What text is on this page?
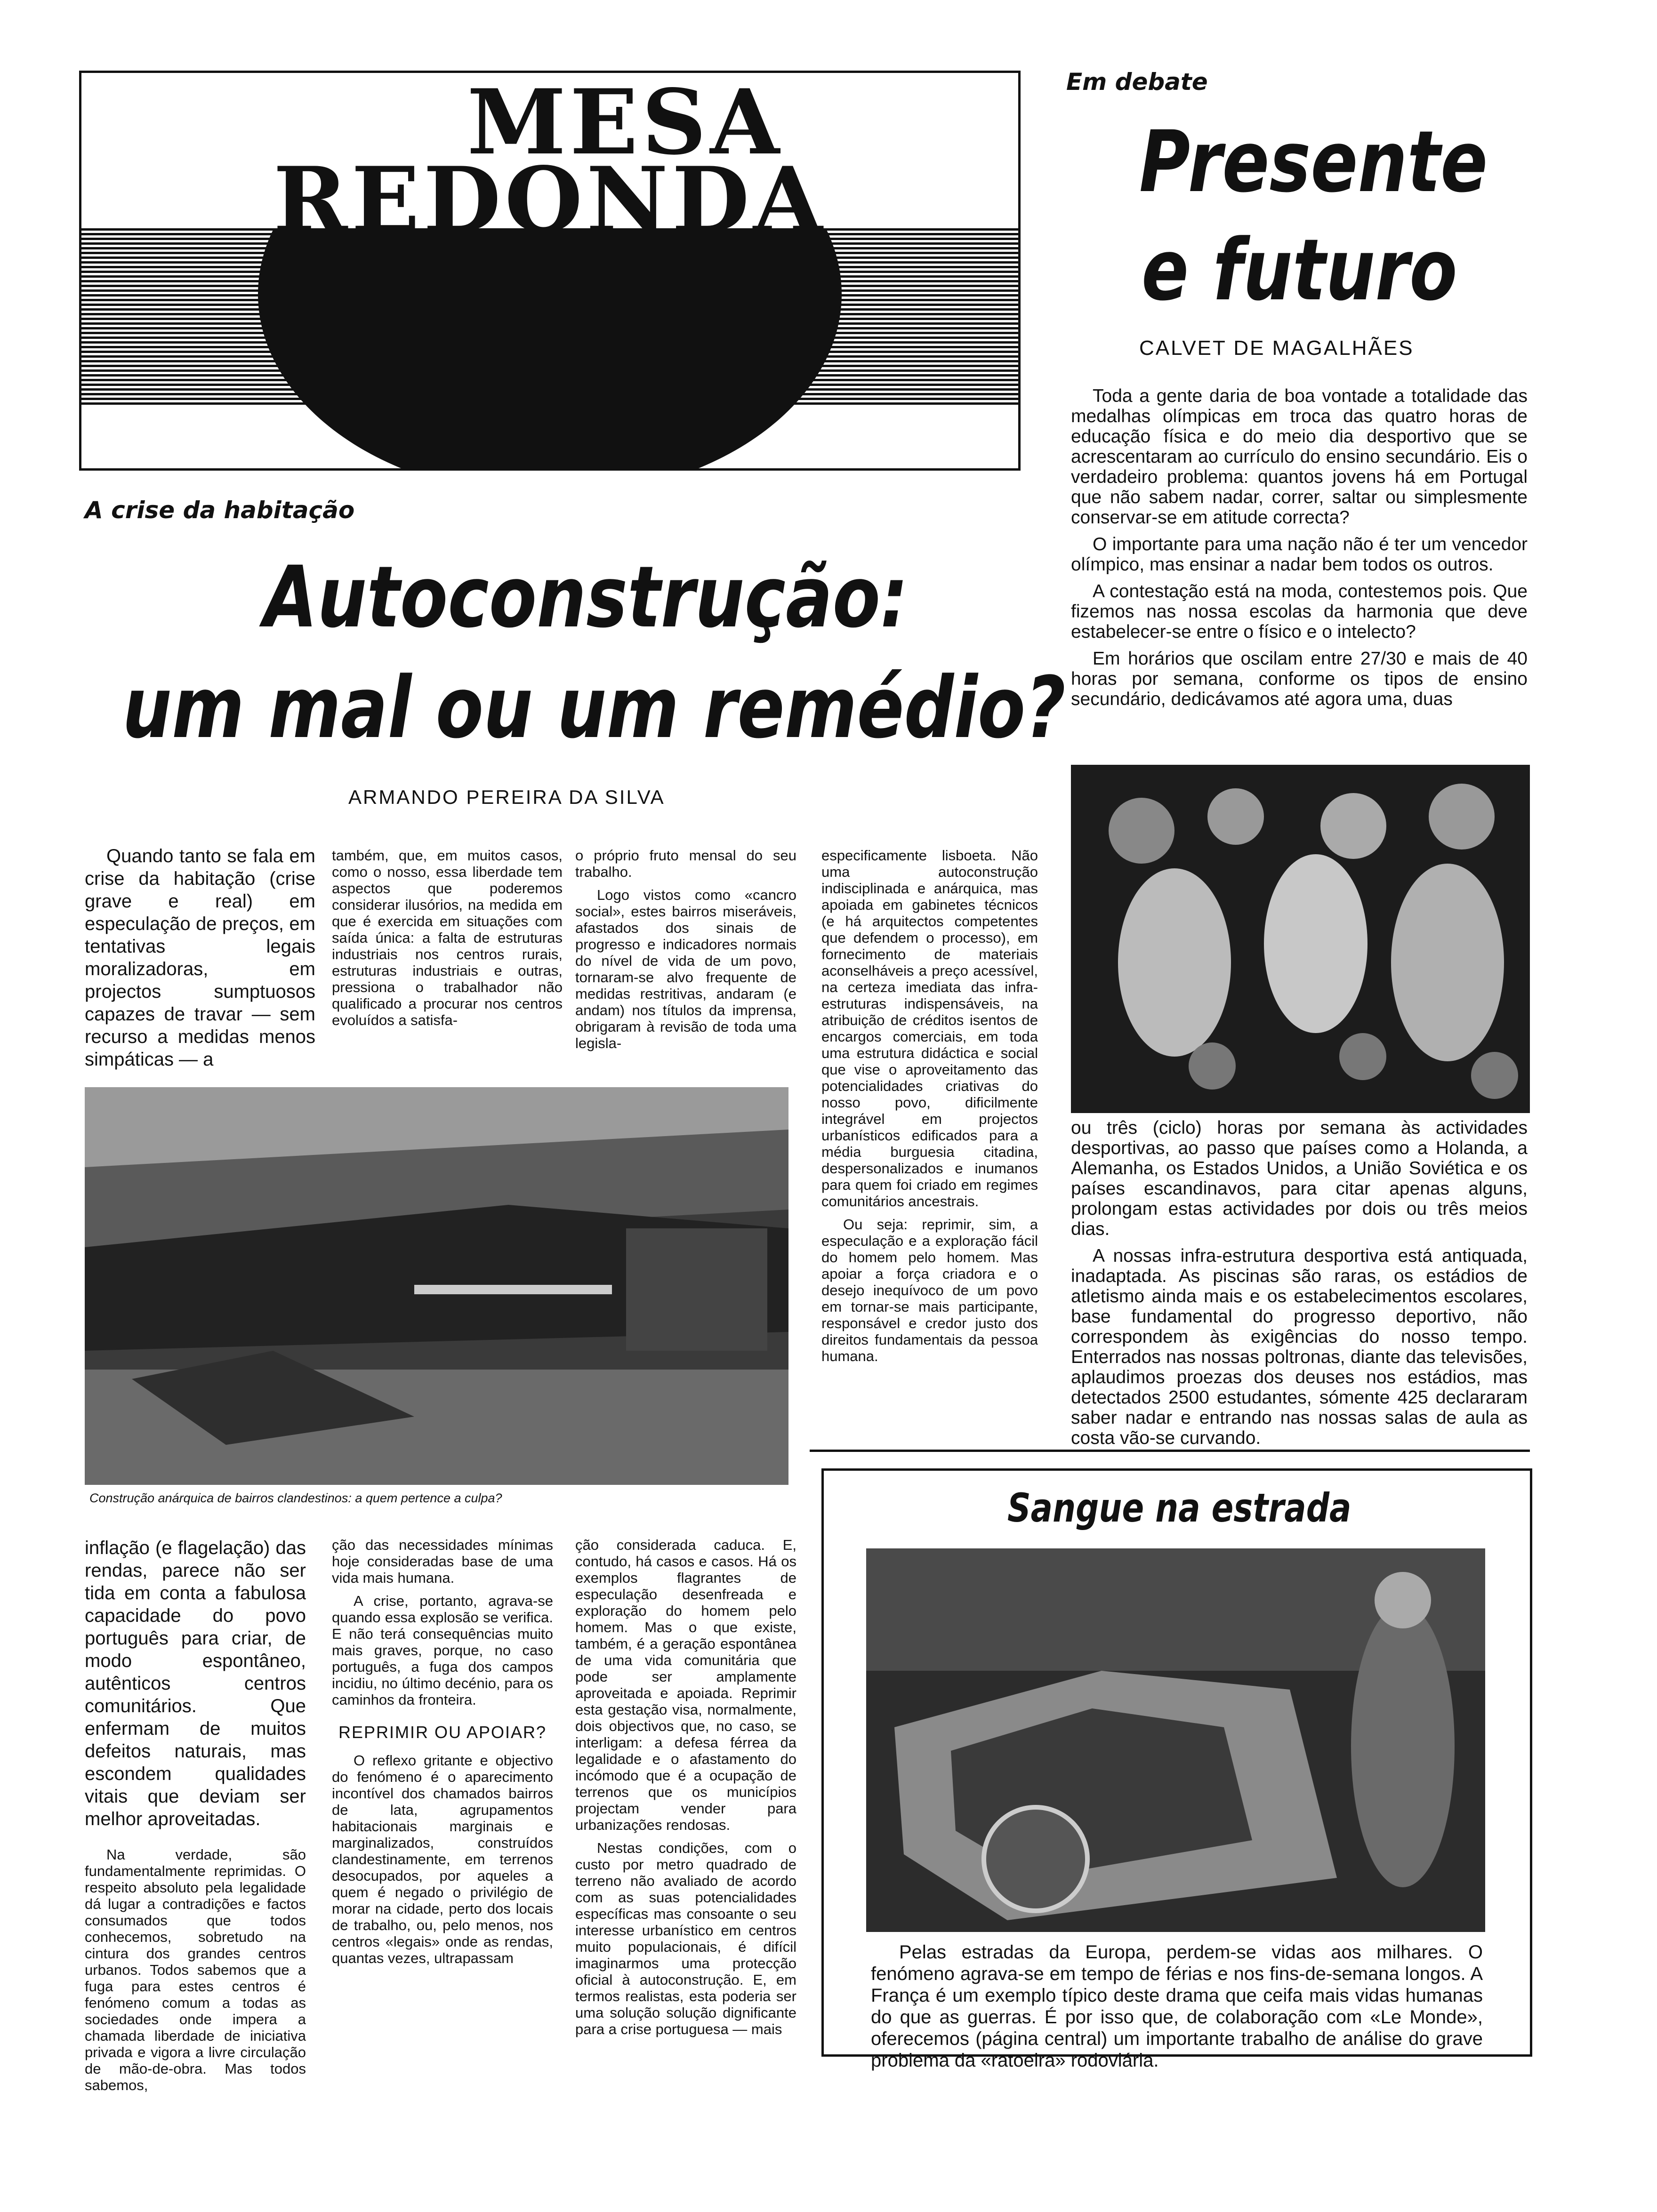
MESA
REDONDA
A crise da habitação
Autoconstrução:
um mal ou um remédio?
ARMANDO PEREIRA DA SILVA

Quando tanto se fala em crise da habitação (crise grave e real) em especulação de preços, em tentativas legais moralizadoras, em projectos sumptuosos capazes de travar — sem recurso a medidas menos simpáticas — a

também, que, em muitos casos, como o nosso, essa liberdade tem aspectos que poderemos considerar ilusórios, na medida em que é exercida em situações com saída única: a falta de estruturas industriais nos centros rurais, estruturas industriais e outras, pressiona o trabalhador não qualificado a procurar nos centros evoluídos a satisfa-

o próprio fruto mensal do seu trabalho.

Logo vistos como «cancro social», estes bairros miseráveis, afastados dos sinais de progresso e indicadores normais do nível de vida de um povo, tornaram-se alvo frequente de medidas restritivas, andaram (e andam) nos títulos da imprensa, obrigaram à revisão de toda uma legisla-

especificamente lisboeta. Não uma autoconstrução indisciplinada e anárquica, mas apoiada em gabinetes técnicos (e há arquitectos competentes que defendem o processo), em fornecimento de materiais aconselháveis a preço acessível, na certeza imediata das infra-estruturas indispensáveis, na atribuição de créditos isentos de encargos comerciais, em toda uma estrutura didáctica e social que vise o aproveitamento das potencialidades criativas do nosso povo, dificilmente integrável em projectos urbanísticos edificados para a média burguesia citadina, despersonalizados e inumanos para quem foi criado em regimes comunitários ancestrais.

Ou seja: reprimir, sim, a especulação e a exploração fácil do homem pelo homem. Mas apoiar a força criadora e o desejo inequívoco de um povo em tornar-se mais participante, responsável e credor justo dos direitos fundamentais da pessoa humana.

Construção anárquica de bairros clandestinos: a quem pertence a culpa?

inflação (e flagelação) das rendas, parece não ser tida em conta a fabulosa capacidade do povo português para criar, de modo espontâneo, autênticos centros comunitários. Que enfermam de muitos defeitos naturais, mas escondem qualidades vitais que deviam ser melhor aproveitadas.

Na verdade, são fundamentalmente reprimidas. O respeito absoluto pela legalidade dá lugar a contradições e factos consumados que todos conhecemos, sobretudo na cintura dos grandes centros urbanos. Todos sabemos que a fuga para estes centros é fenómeno comum a todas as sociedades onde impera a chamada liberdade de iniciativa privada e vigora a livre circulação de mão-de-obra. Mas todos sabemos,

ção das necessidades mínimas hoje consideradas base de uma vida mais humana.

A crise, portanto, agrava-se quando essa explosão se verifica. E não terá consequências muito mais graves, porque, no caso português, a fuga dos campos incidiu, no último decénio, para os caminhos da fronteira.

REPRIMIR OU APOIAR?

O reflexo gritante e objectivo do fenómeno é o aparecimento incontível dos chamados bairros de lata, agrupamentos habitacionais marginais e marginalizados, construídos clandestinamente, em terrenos desocupados, por aqueles a quem é negado o privilégio de morar na cidade, perto dos locais de trabalho, ou, pelo menos, nos centros «legais» onde as rendas, quantas vezes, ultrapassam

ção considerada caduca. E, contudo, há casos e casos. Há os exemplos flagrantes de especulação desenfreada e exploração do homem pelo homem. Mas o que existe, também, é a geração espontânea de uma vida comunitária que pode ser amplamente aproveitada e apoiada. Reprimir esta gestação visa, normalmente, dois objectivos que, no caso, se interligam: a defesa férrea da legalidade e o afastamento do incómodo que é a ocupação de terrenos que os municípios projectam vender para urbanizações rendosas.

Nestas condições, com o custo por metro quadrado de terreno não avaliado de acordo com as suas potencialidades específicas mas consoante o seu interesse urbanístico em centros muito populacionais, é difícil imaginarmos uma protecção oficial à autoconstrução. E, em termos realistas, esta poderia ser uma solução solução dignificante para a crise portuguesa — mais

Em debate
Presente
e futuro
CALVET DE MAGALHÃES

Toda a gente daria de boa vontade a totalidade das medalhas olímpicas em troca das quatro horas de educação física e do meio dia desportivo que se acrescentaram ao currículo do ensino secundário. Eis o verdadeiro problema: quantos jovens há em Portugal que não sabem nadar, correr, saltar ou simplesmente conservar-se em atitude correcta?

O importante para uma nação não é ter um vencedor olímpico, mas ensinar a nadar bem todos os outros.

A contestação está na moda, contestemos pois. Que fizemos nas nossa escolas da harmonia que deve estabelecer-se entre o físico e o intelecto?

Em horários que oscilam entre 27/30 e mais de 40 horas por semana, conforme os tipos de ensino secundário, dedicávamos até agora uma, duas

ou três (ciclo) horas por semana às actividades desportivas, ao passo que países como a Holanda, a Alemanha, os Estados Unidos, a União Soviética e os países escandinavos, para citar apenas alguns, prolongam estas actividades por dois ou três meios dias.

A nossas infra-estrutura desportiva está antiquada, inadaptada. As piscinas são raras, os estádios de atletismo ainda mais e os estabelecimentos escolares, base fundamental do progresso deportivo, não correspondem às exigências do nosso tempo. Enterrados nas nossas poltronas, diante das televisões, aplaudimos proezas dos deuses nos estádios, mas detectados 2500 estudantes, sómente 425 declararam saber nadar e entrando nas nossas salas de aula as costa vão-se curvando.

Sangue na estrada
Pelas estradas da Europa, perdem-se vidas aos milhares. O fenómeno agrava-se em tempo de férias e nos fins-de-semana longos. A França é um exemplo típico deste drama que ceifa mais vidas humanas do que as guerras. É por isso que, de colaboração com «Le Monde», oferecemos (página central) um importante trabalho de análise do grave problema da «ratoeira» rodoviária.
